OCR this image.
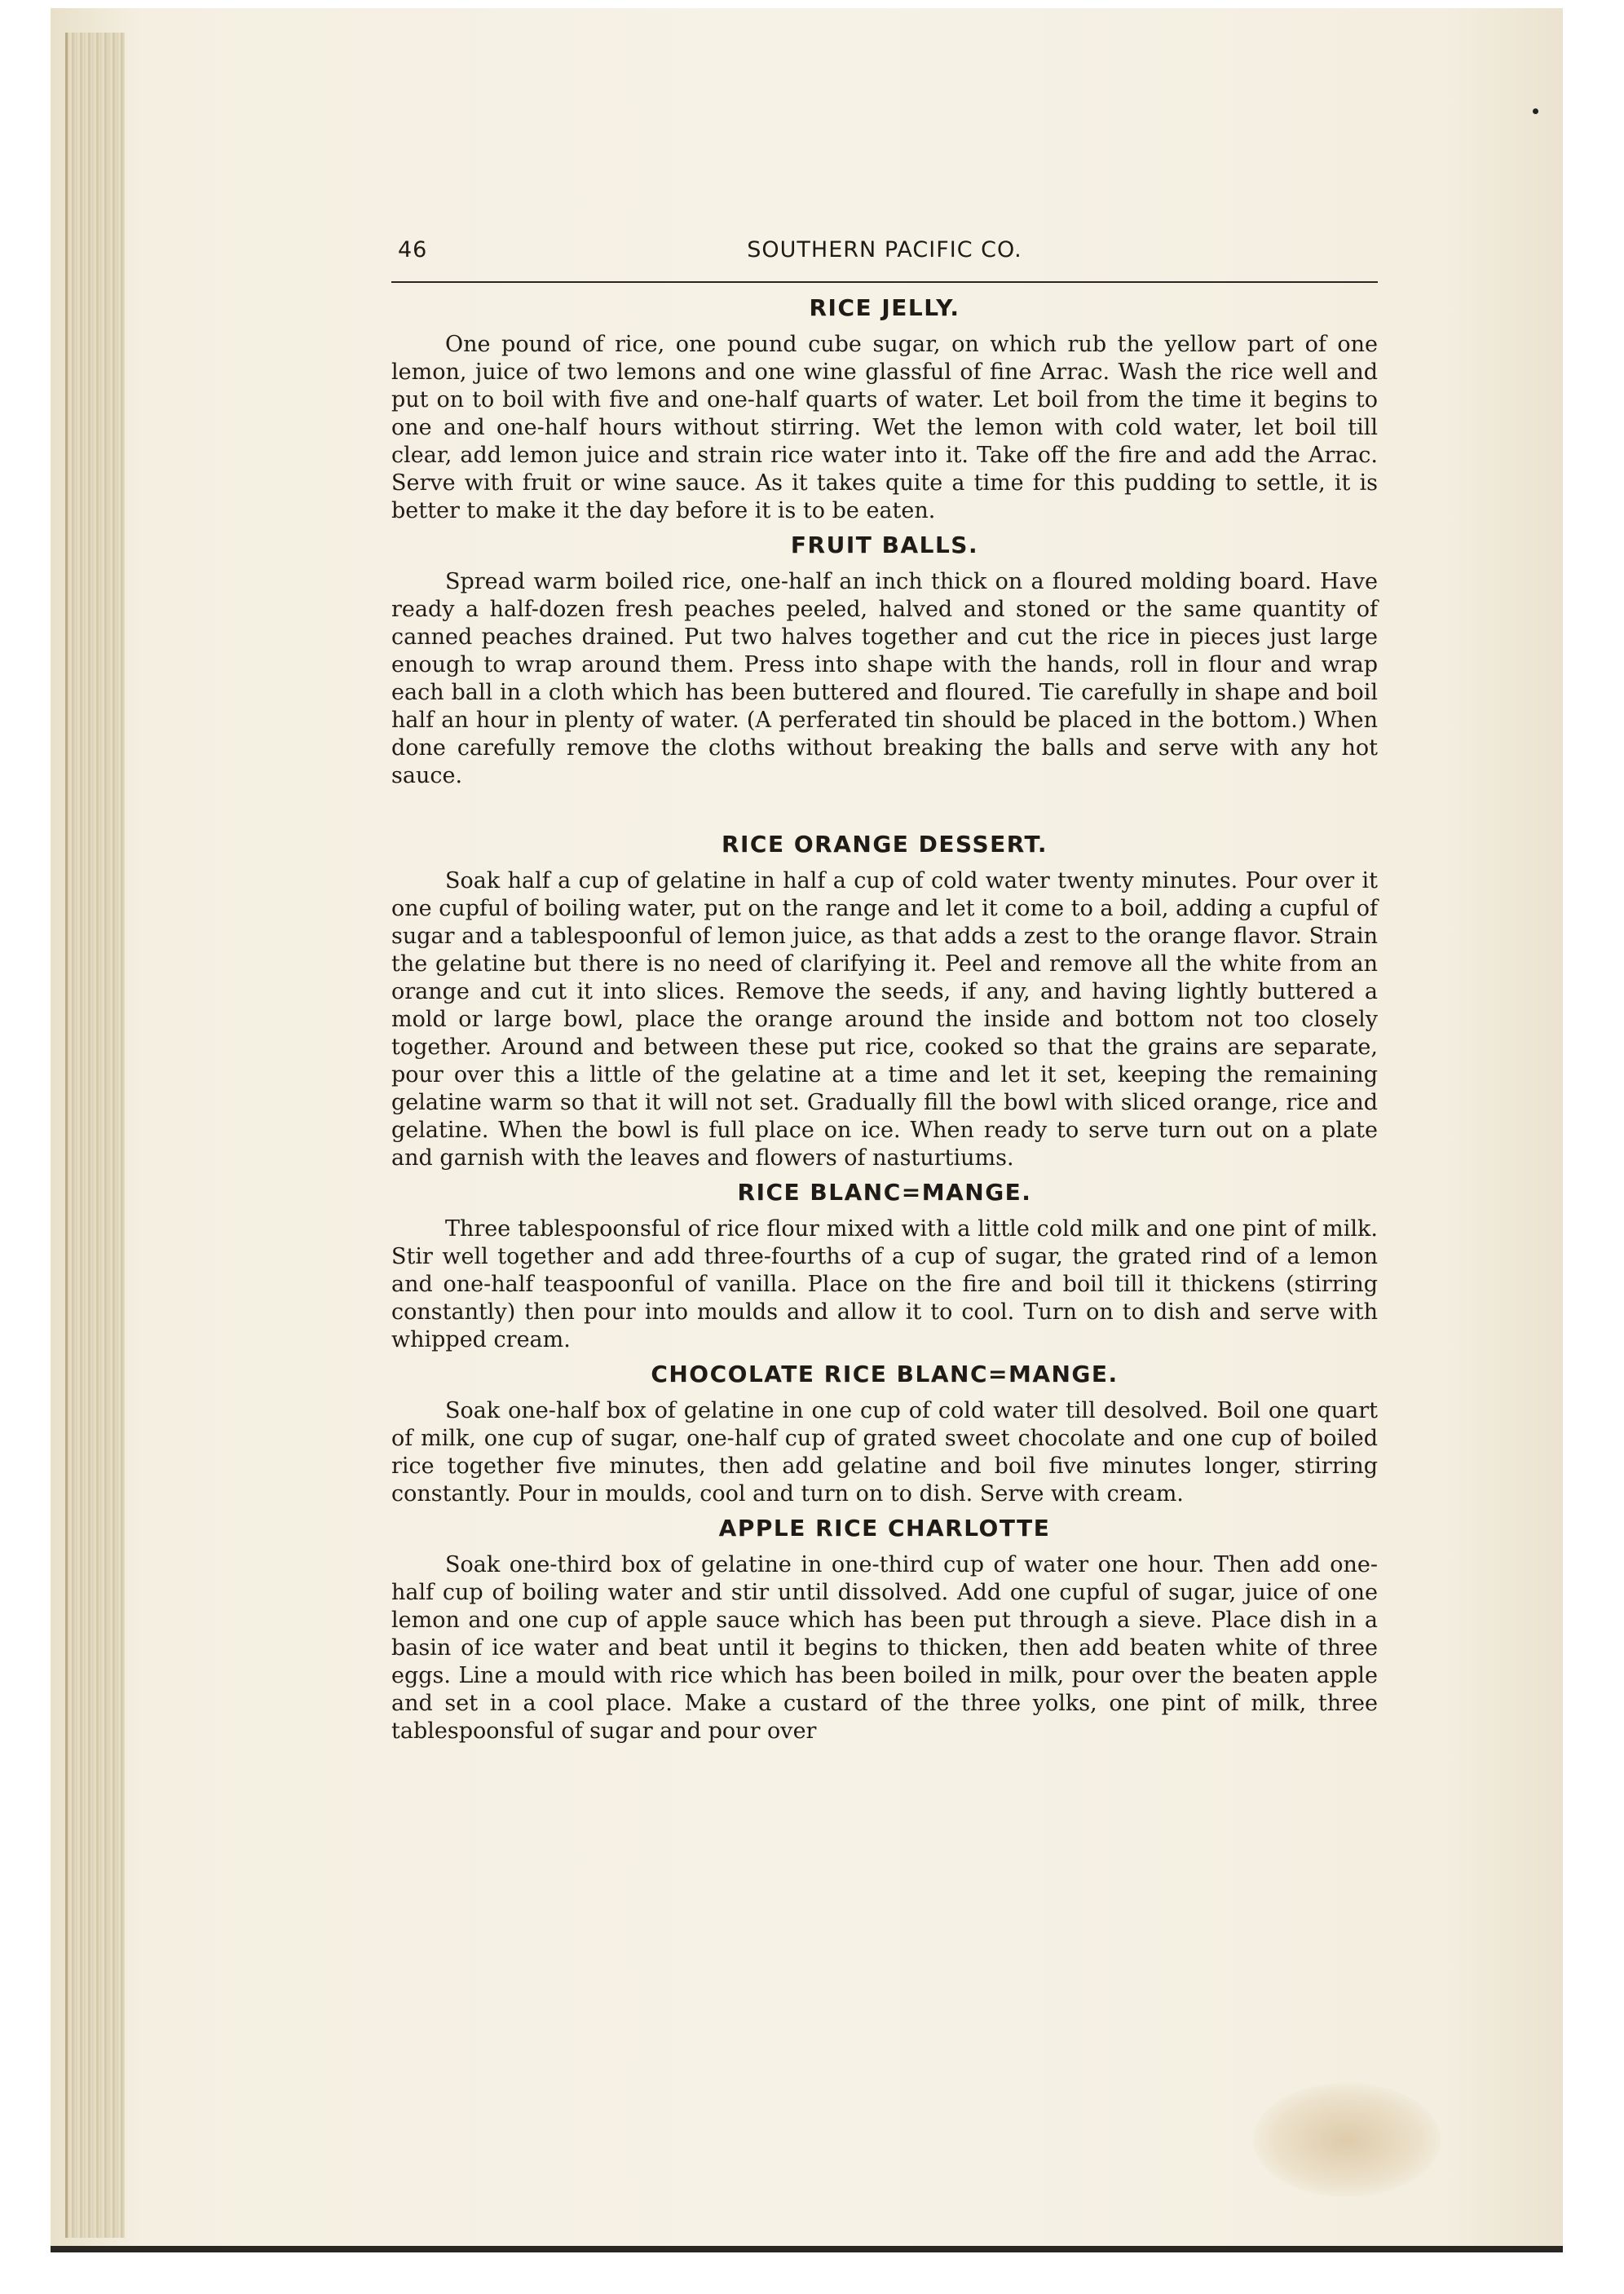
46	SOUTHERN PACIFIC CO.
RICE JELLY.

One pound of rice, one pound cube sugar, on which rub the yellow part of one lemon, juice of two lemons and one wine glassful of fine Arrac. Wash the rice well and put on to boil with five and one-half quarts of water. Let boil from the time it begins to one and one-half hours without stirring. Wet the lemon with cold water, let boil till clear, add lemon juice and strain rice water into it. Take off the fire and add the Arrac. Serve with fruit or wine sauce. As it takes quite a time for this pudding to settle, it is better to make it the day before it is to be eaten.

FRUIT BALLS.

Spread warm boiled rice, one-half an inch thick on a floured molding board. Have ready a half-dozen fresh peaches peeled, halved and stoned or the same quantity of canned peaches drained. Put two halves together and cut the rice in pieces just large enough to wrap around them. Press into shape with the hands, roll in flour and wrap each ball in a cloth which has been buttered and floured. Tie carefully in shape and boil half an hour in plenty of water. (A perferated tin should be placed in the bottom.) When done carefully remove the cloths without breaking the balls and serve with any hot sauce.

RICE ORANGE DESSERT.

Soak half a cup of gelatine in half a cup of cold water twenty minutes. Pour over it one cupful of boiling water, put on the range and let it come to a boil, adding a cupful of sugar and a tablespoonful of lemon juice, as that adds a zest to the orange flavor. Strain the gelatine but there is no need of clarifying it. Peel and remove all the white from an orange and cut it into slices. Remove the seeds, if any, and having lightly buttered a mold or large bowl, place the orange around the inside and bottom not too closely together. Around and between these put rice, cooked so that the grains are separate, pour over this a little of the gelatine at a time and let it set, keeping the remaining gelatine warm so that it will not set. Gradually fill the bowl with sliced orange, rice and gelatine. When the bowl is full place on ice. When ready to serve turn out on a plate and garnish with the leaves and flowers of nasturtiums.

RICE BLANC=MANGE.

Three tablespoonsful of rice flour mixed with a little cold milk and one pint of milk. Stir well together and add three-fourths of a cup of sugar, the grated rind of a lemon and one-half teaspoonful of vanilla. Place on the fire and boil till it thickens (stirring constantly) then pour into moulds and allow it to cool. Turn on to dish and serve with whipped cream.

CHOCOLATE RICE BLANC=MANGE.

Soak one-half box of gelatine in one cup of cold water till desolved. Boil one quart of milk, one cup of sugar, one-half cup of grated sweet chocolate and one cup of boiled rice together five minutes, then add gelatine and boil five minutes longer, stirring constantly. Pour in moulds, cool and turn on to dish. Serve with cream.

APPLE RICE CHARLOTTE

Soak one-third box of gelatine in one-third cup of water one hour. Then add one-half cup of boiling water and stir until dissolved. Add one cupful of sugar, juice of one lemon and one cup of apple sauce which has been put through a sieve. Place dish in a basin of ice water and beat until it begins to thicken, then add beaten white of three eggs. Line a mould with rice which has been boiled in milk, pour over the beaten apple and set in a cool place. Make a custard of the three yolks, one pint of milk, three tablespoonsful of sugar and pour over
